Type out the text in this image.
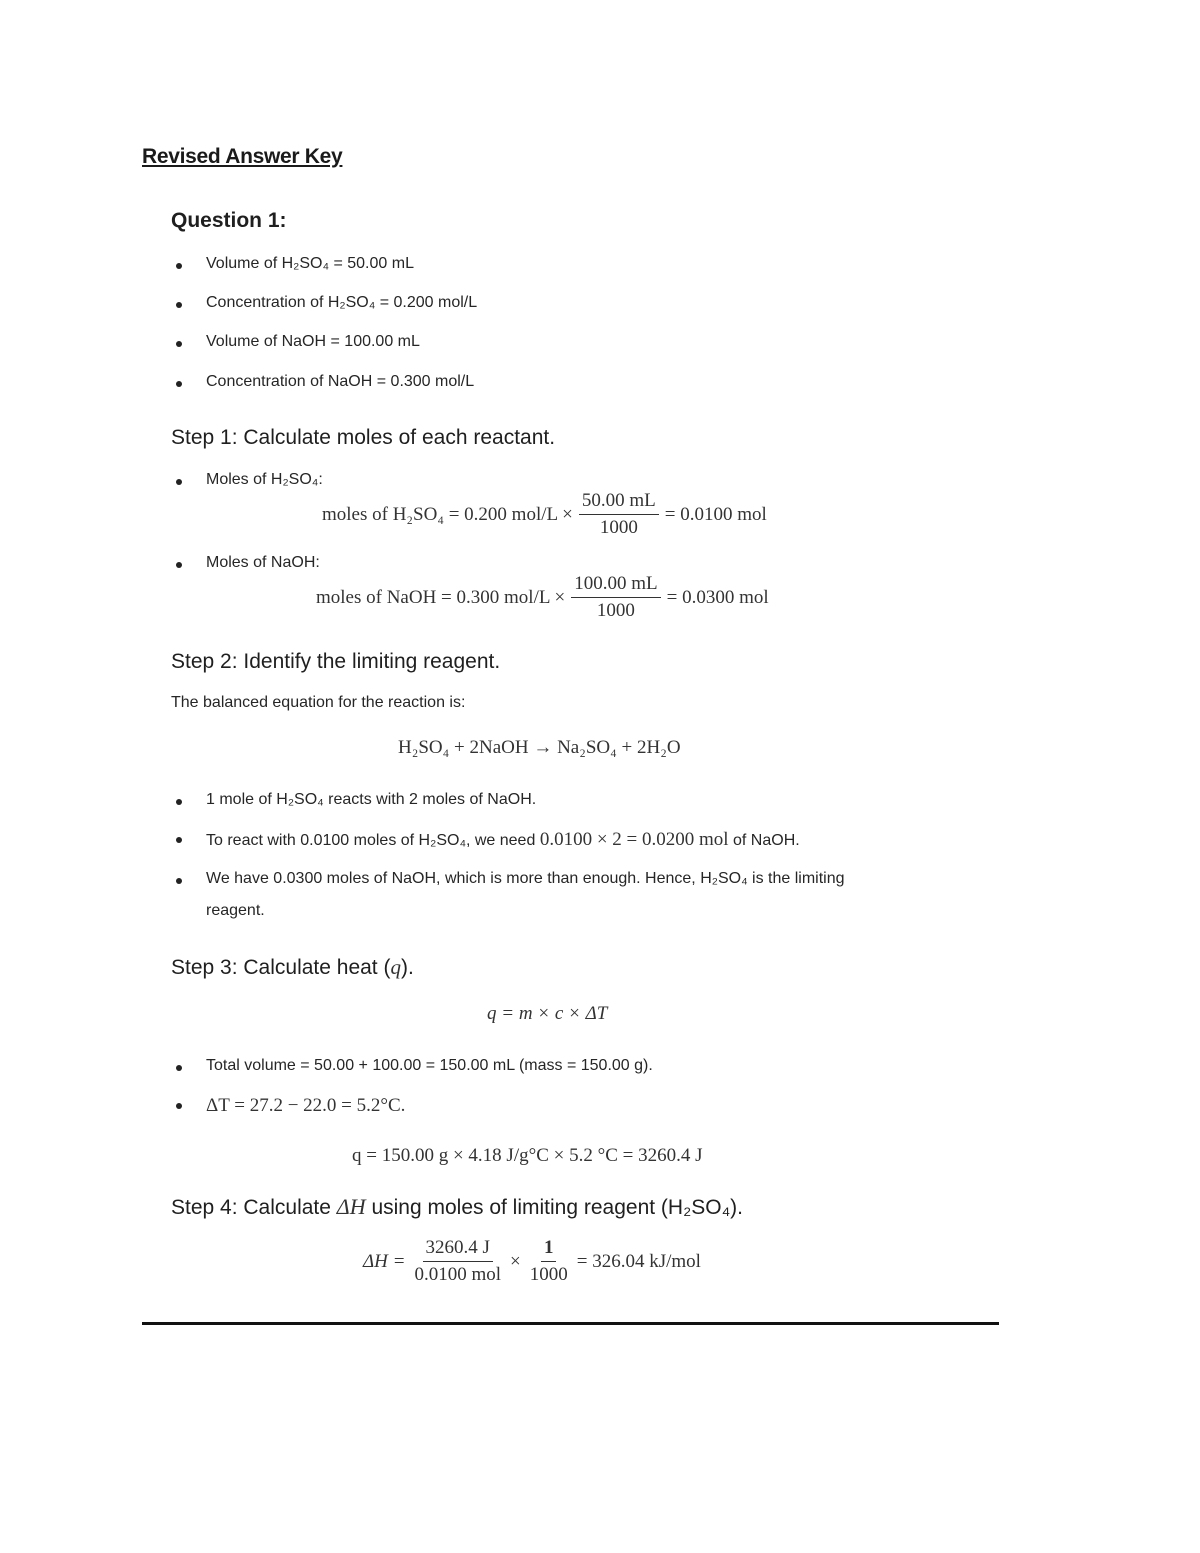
Revised Answer Key
Question 1:
Volume of H₂SO₄ = 50.00 mL
Concentration of H₂SO₄ = 0.200 mol/L
Volume of NaOH = 100.00 mL
Concentration of NaOH = 0.300 mol/L
Step 1: Calculate moles of each reactant.
Moles of H₂SO₄:
moles of H₂SO₄ = 0.200 $mol/L \times \frac{50.00 mL}{1000} = 0.0100$ mol
Moles of NaOH:
moles of NaOH = 0.300 $mol/L \times \frac{100.00 mL}{1000} = 0.0300$ mol
Step 2: Identify the limiting reagent.
The balanced equation for the reaction is:
H₂SO₄ + 2NaOH → Na₂SO₄ + 2H₂O
1 mole of H₂SO₄ reacts with 2 moles of NaOH.
To react with 0.0100 moles of H₂SO₄, we need 0.0100 × 2 = 0.0200 mol of NaOH.
We have 0.0300 moles of NaOH, which is more than enough. Hence, H₂SO₄ is the limiting
reagent.
Step 3: Calculate heat (q).
q = m × c × ΔT
Total volume = 50.00 + 100.00 = 150.00 mL (mass = 150.00 g).
ΔT = 27.2 − 22.0 = 5.2°C.
q = 150.00 g × 4.18 J/g°C × 5.2 °C = 3260.4 J
Step 4: Calculate ΔH using moles of limiting reagent (H₂SO₄).
$\Delta H = \frac{3260.4 J}{\text{0.0100 mol}} \times \frac{1}{1000} = 326.04$ kJ/mol
